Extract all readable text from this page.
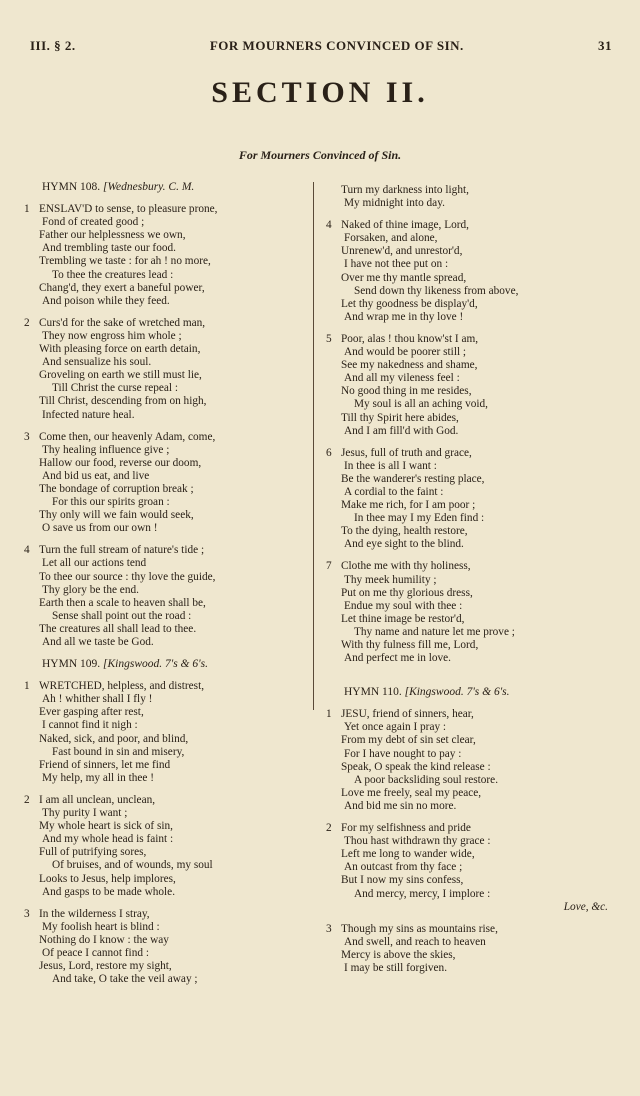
III. § 2.	FOR MOURNERS CONVINCED OF SIN.	31
SECTION II.
For Mourners Convinced of Sin.
HYMN 108. [Wednesbury. C. M.
1 ENSLAV'D to sense, to pleasure prone,
Fond of created good ;
Father our helplessness we own,
And trembling taste our food.
Trembling we taste : for ah ! no more,
To thee the creatures lead :
Chang'd, they exert a baneful power,
And poison while they feed.
2 Curs'd for the sake of wretched man,
They now engross him whole ;
With pleasing force on earth detain,
And sensualize his soul.
Groveling on earth we still must lie,
Till Christ the curse repeal :
Till Christ, descending from on high,
Infected nature heal.
3 Come then, our heavenly Adam, come,
Thy healing influence give ;
Hallow our food, reverse our doom,
And bid us eat, and live
The bondage of corruption break ;
For this our spirits groan :
Thy only will we fain would seek,
O save us from our own !
4 Turn the full stream of nature's tide ;
Let all our actions tend
To thee our source : thy love the guide,
Thy glory be the end.
Earth then a scale to heaven shall be,
Sense shall point out the road :
The creatures all shall lead to thee.
And all we taste be God.
HYMN 109. [Kingswood. 7's & 6's.
1 WRETCHED, helpless, and distrest,
Ah ! whither shall I fly !
Ever gasping after rest,
I cannot find it nigh :
Naked, sick, and poor, and blind,
Fast bound in sin and misery,
Friend of sinners, let me find
My help, my all in thee !
2 I am all unclean, unclean,
Thy purity I want ;
My whole heart is sick of sin,
And my whole head is faint :
Full of putrifying sores,
Of bruises, and of wounds, my soul
Looks to Jesus, help implores,
And gasps to be made whole.
3 In the wilderness I stray,
My foolish heart is blind :
Nothing do I know : the way
Of peace I cannot find :
Jesus, Lord, restore my sight,
And take, O take the veil away ;
Turn my darkness into light,
My midnight into day.
4 Naked of thine image, Lord,
Forsaken, and alone,
Unrenew'd, and unrestor'd,
I have not thee put on :
Over me thy mantle spread,
Send down thy likeness from above,
Let thy goodness be display'd,
And wrap me in thy love !
5 Poor, alas ! thou know'st I am,
And would be poorer still ;
See my nakedness and shame,
And all my vileness feel :
No good thing in me resides,
My soul is all an aching void,
Till thy Spirit here abides,
And I am fill'd with God.
6 Jesus, full of truth and grace,
In thee is all I want :
Be the wanderer's resting place,
A cordial to the faint :
Make me rich, for I am poor ;
In thee may I my Eden find :
To the dying, health restore,
And eye sight to the blind.
7 Clothe me with thy holiness,
Thy meek humility ;
Put on me thy glorious dress,
Endue my soul with thee :
Let thine image be restor'd,
Thy name and nature let me prove ;
With thy fulness fill me, Lord,
And perfect me in love.
HYMN 110. [Kingswood. 7's & 6's.
1 JESU, friend of sinners, hear,
Yet once again I pray :
From my debt of sin set clear,
For I have nought to pay :
Speak, O speak the kind release :
A poor backsliding soul restore.
Love me freely, seal my peace,
And bid me sin no more.
2 For my selfishness and pride
Thou hast withdrawn thy grace :
Left me long to wander wide,
An outcast from thy face ;
But I now my sins confess,
And mercy, mercy, I implore :
Love, &c.
3 Though my sins as mountains rise,
And swell, and reach to heaven
Mercy is above the skies,
I may be still forgiven.
